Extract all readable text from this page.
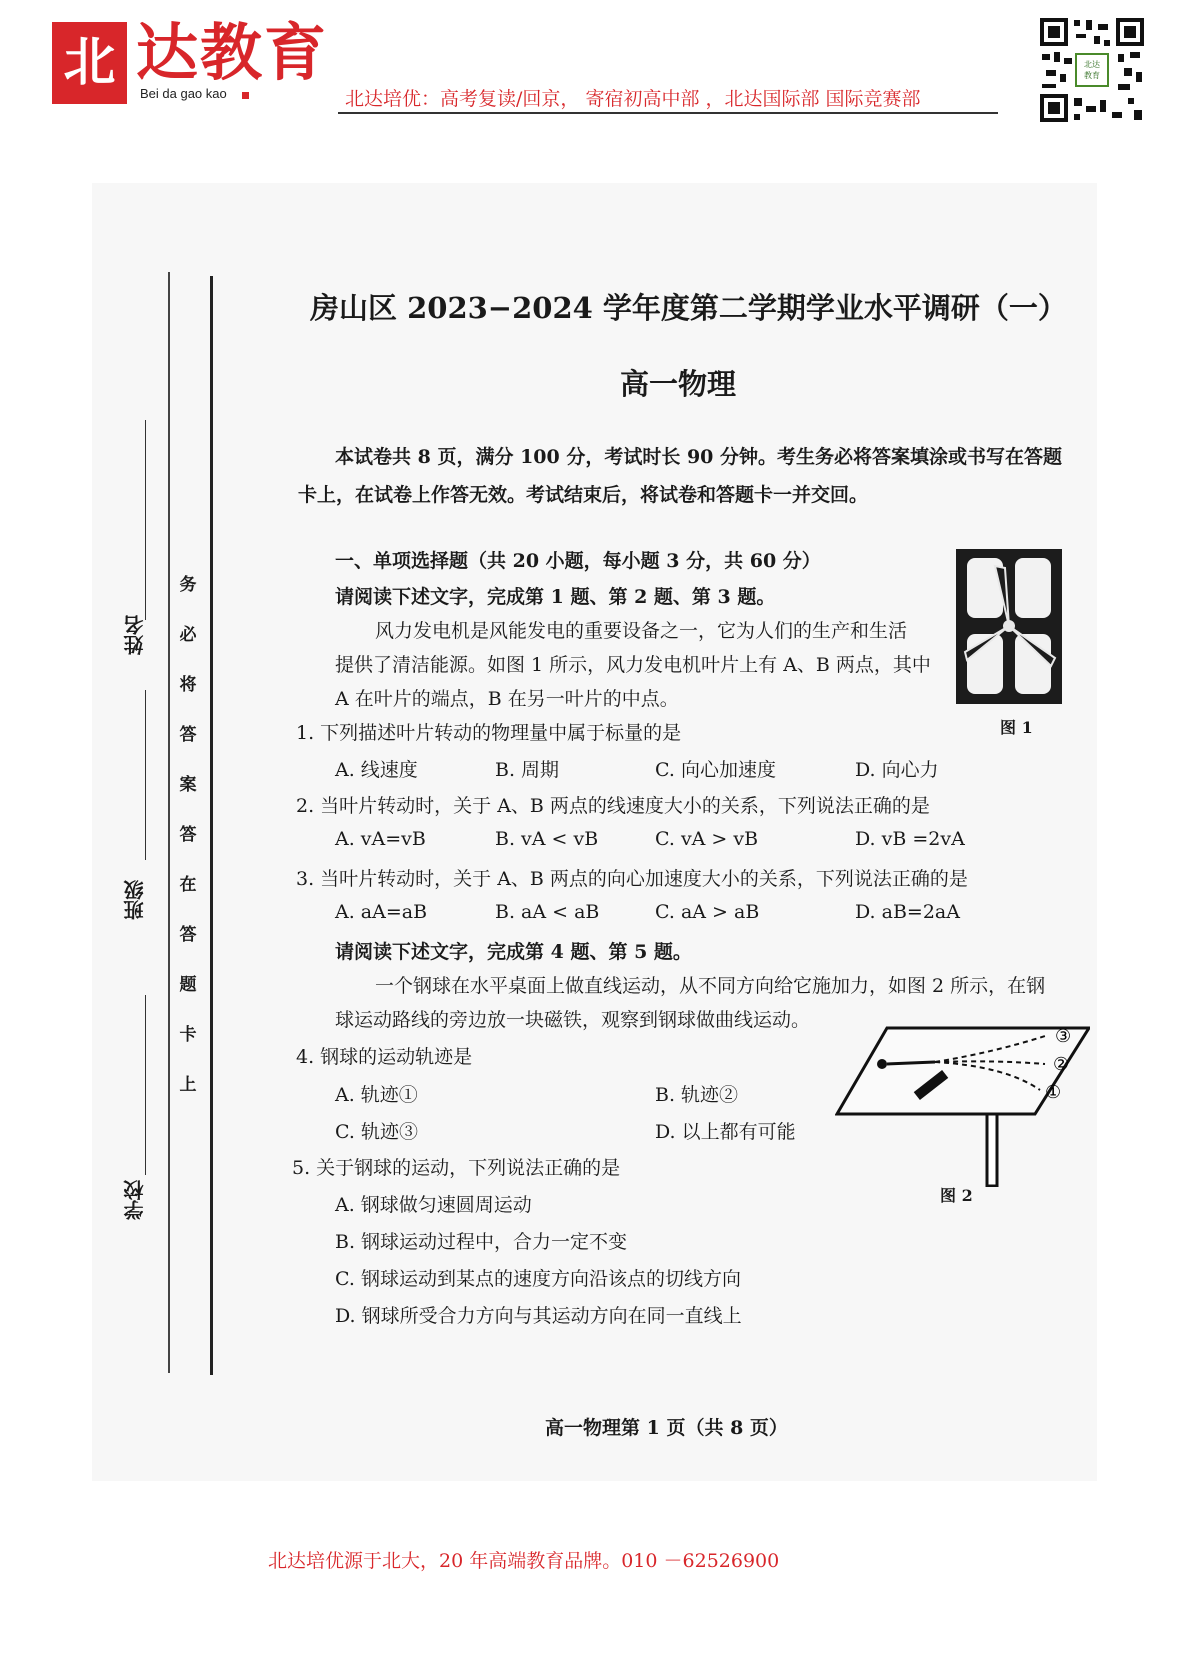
北 达教育
Bei da gao kao	北达培优：高考复读/回京， 寄宿初高中部 ，北达国际部 国际竞赛部
北达
教育
姓名
班级
学校
务
必
将
答
案
答
在
答
题
卡
上
房山区 2023−2024 学年度第二学期学业水平调研（一）
高一物理
本试卷共 8 页，满分 100 分，考试时长 90 分钟。考生务必将答案填涂或书写在答题
卡上，在试卷上作答无效。考试结束后，将试卷和答题卡一并交回。
一、单项选择题（共 20 小题，每小题 3 分，共 60 分）
请阅读下述文字，完成第 1 题、第 2 题、第 3 题。
风力发电机是风能发电的重要设备之一，它为人们的生产和生活
提供了清洁能源。如图 1 所示，风力发电机叶片上有 A、B 两点，其中
A 在叶片的端点，B 在另一叶片的中点。
图 1
1. 下列描述叶片转动的物理量中属于标量的是
A. 线速度	B. 周期	C. 向心加速度	D. 向心力
2. 当叶片转动时，关于 A、B 两点的线速度大小的关系，下列说法正确的是
A. vA=vB	B. vA < vB	C. vA > vB	D. vB =2vA
3. 当叶片转动时，关于 A、B 两点的向心加速度大小的关系，下列说法正确的是
A. aA=aB	B. aA < aB	C. aA > aB	D. aB=2aA
请阅读下述文字，完成第 4 题、第 5 题。
一个钢球在水平桌面上做直线运动，从不同方向给它施加力，如图 2 所示，在钢
球运动路线的旁边放一块磁铁，观察到钢球做曲线运动。
4. 钢球的运动轨迹是
A. 轨迹①	B. 轨迹②
C. 轨迹③	D. 以上都有可能
③
②
①
图 2
5. 关于钢球的运动，下列说法正确的是
A. 钢球做匀速圆周运动
B. 钢球运动过程中，合力一定不变
C. 钢球运动到某点的速度方向沿该点的切线方向
D. 钢球所受合力方向与其运动方向在同一直线上
高一物理第 1 页（共 8 页）
北达培优源于北大，20 年高端教育品牌。010 －62526900
